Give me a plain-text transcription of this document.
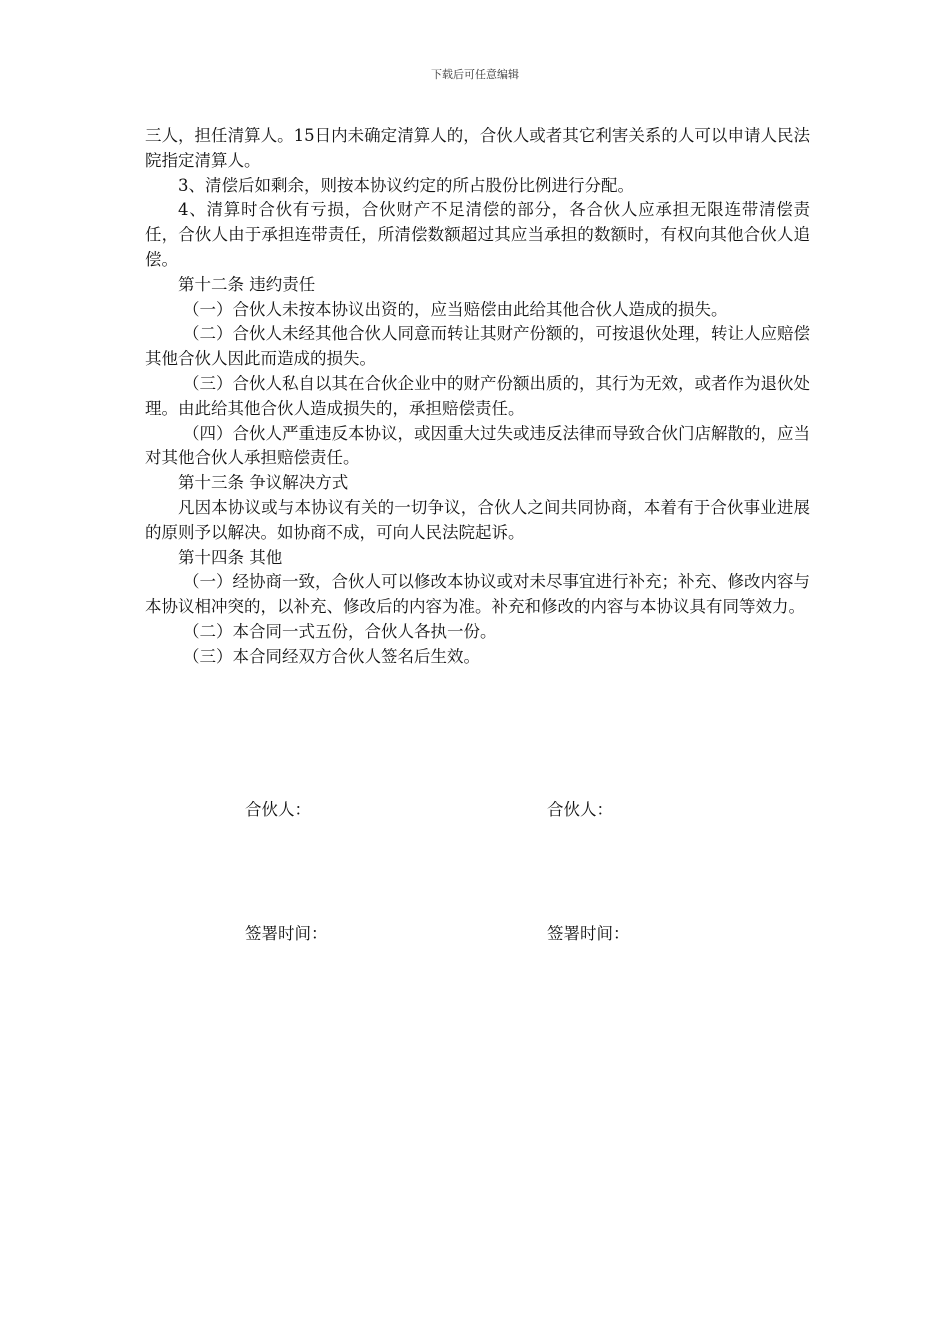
下载后可任意编辑

三人，担任清算人。15日内未确定清算人的，合伙人或者其它利害关系的人可以申请人民法院指定清算人。

3、清偿后如剩余，则按本协议约定的所占股份比例进行分配。

4、清算时合伙有亏损，合伙财产不足清偿的部分，各合伙人应承担无限连带清偿责任，合伙人由于承担连带责任，所清偿数额超过其应当承担的数额时，有权向其他合伙人追偿。

第十二条 违约责任

（一）合伙人未按本协议出资的，应当赔偿由此给其他合伙人造成的损失。

（二）合伙人未经其他合伙人同意而转让其财产份额的，可按退伙处理，转让人应赔偿其他合伙人因此而造成的损失。

（三）合伙人私自以其在合伙企业中的财产份额出质的，其行为无效，或者作为退伙处理。由此给其他合伙人造成损失的，承担赔偿责任。

（四）合伙人严重违反本协议，或因重大过失或违反法律而导致合伙门店解散的，应当对其他合伙人承担赔偿责任。

第十三条 争议解决方式

凡因本协议或与本协议有关的一切争议，合伙人之间共同协商，本着有于合伙事业进展的原则予以解决。如协商不成，可向人民法院起诉。

第十四条 其他

（一）经协商一致，合伙人可以修改本协议或对未尽事宜进行补充；补充、修改内容与本协议相冲突的，以补充、修改后的内容为准。补充和修改的内容与本协议具有同等效力。

（二）本合同一式五份，合伙人各执一份。

（三）本合同经双方合伙人签名后生效。

合伙人：	合伙人：
签署时间：	签署时间：
